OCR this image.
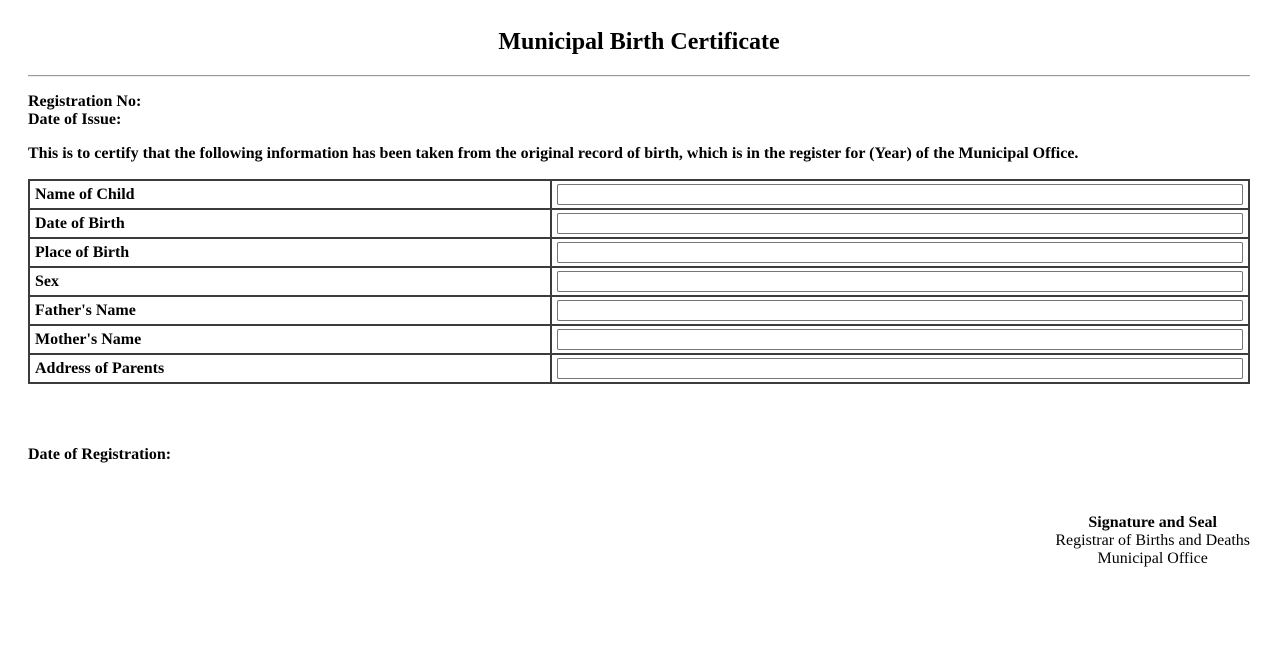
Municipal Birth Certificate
Registration No:
Date of Issue:
This is to certify that the following information has been taken from the original record of birth, which is in the register for (Year) of the Municipal Office.
Name of Child	

Date of Birth	

Place of Birth	

Sex	

Father's Name	

Mother's Name	

Address of Parents	
Date of Registration:
Signature and Seal
Registrar of Births and Deaths
Municipal Office
